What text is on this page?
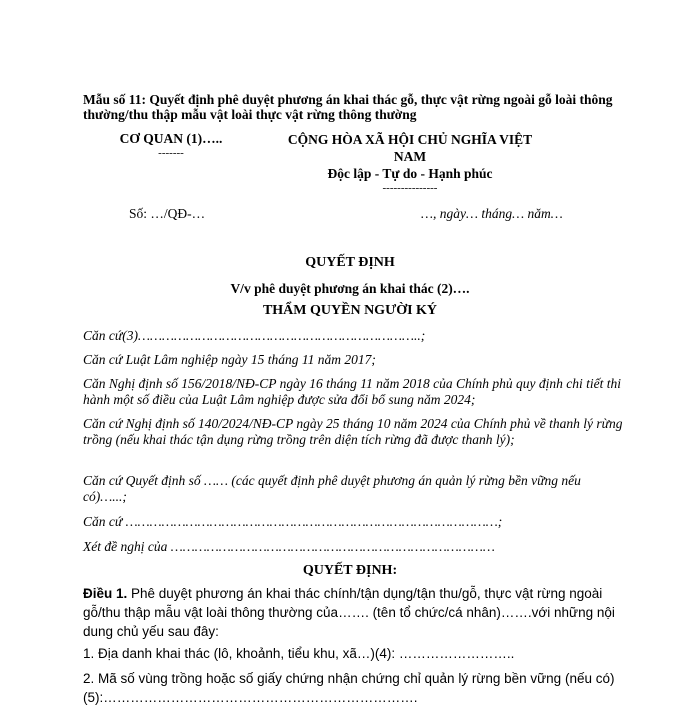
Mẫu số 11: Quyết định phê duyệt phương án khai thác gỗ, thực vật rừng ngoài gỗ loài thông thường/thu thập mẫu vật loài thực vật rừng thông thường
CƠ QUAN (1)…..
-------
CỘNG HÒA XÃ HỘI CHỦ NGHĨA VIỆT
NAM
Độc lập - Tự do - Hạnh phúc
---------------
Số: …/QĐ-…	…, ngày… tháng… năm…
QUYẾT ĐỊNH
V/v phê duyệt phương án khai thác (2)….
THẨM QUYỀN NGƯỜI KÝ
Căn cứ(3)……………………………………………………………..;
Căn cứ Luật Lâm nghiệp ngày 15 tháng 11 năm 2017;
Căn Nghị định số 156/2018/NĐ-CP ngày 16 tháng 11 năm 2018 của Chính phủ quy định chi tiết thi hành một số điều của Luật Lâm nghiệp được sửa đổi bổ sung năm 2024;
Căn cứ Nghị định số 140/2024/NĐ-CP ngày 25 tháng 10 năm 2024 của Chính phủ về thanh lý rừng trồng (nếu khai thác tận dụng rừng trồng trên diện tích rừng đã được thanh lý);
Căn cứ Quyết định số …… (các quyết định phê duyệt phương án quản lý rừng bền vững nếu có)…...;
Căn cứ …………………………………………………………………………………;
Xét đề nghị của ………………………………………………………………………
QUYẾT ĐỊNH:
Điều 1. Phê duyệt phương án khai thác chính/tận dụng/tận thu/gỗ, thực vật rừng ngoài gỗ/thu thập mẫu vật loài thông thường của……. (tên tổ chức/cá nhân)…….với những nội dung chủ yếu sau đây:
1. Địa danh khai thác (lô, khoảnh, tiểu khu, xã…)(4): ……………………..
2. Mã số vùng trồng hoặc số giấy chứng nhận chứng chỉ quản lý rừng bền vững (nếu có) (5):…………………………………………………………….
